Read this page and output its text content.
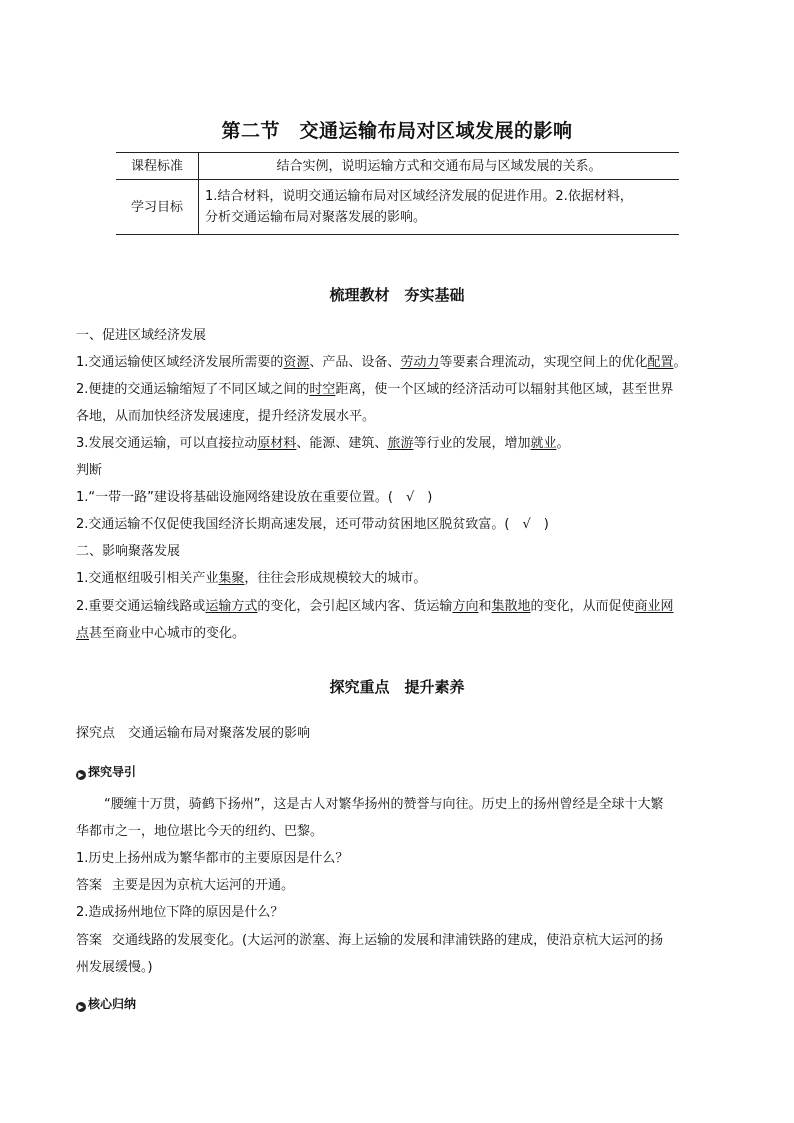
第二节　交通运输布局对区域发展的影响
课程标准	结合实例，说明运输方式和交通布局与区域发展的关系。
学习目标	1.结合材料，说明交通运输布局对区域经济发展的促进作用。2.依据材料，
分析交通运输布局对聚落发展的影响。
梳理教材　夯实基础
一、促进区域经济发展
1.交通运输使区域经济发展所需要的资源、产品、设备、劳动力等要素合理流动，实现空间上的优化配置。
2.便捷的交通运输缩短了不同区域之间的时空距离，使一个区域的经济活动可以辐射其他区域，甚至世界
各地，从而加快经济发展速度，提升经济发展水平。
3.发展交通运输，可以直接拉动原材料、能源、建筑、旅游等行业的发展，增加就业。
判断
1.“一带一路”建设将基础设施网络建设放在重要位置。(　√　)
2.交通运输不仅促使我国经济长期高速发展，还可带动贫困地区脱贫致富。(　√　)
二、影响聚落发展
1.交通枢纽吸引相关产业集聚，往往会形成规模较大的城市。
2.重要交通运输线路或运输方式的变化，会引起区域内客、货运输方向和集散地的变化，从而促使商业网
点甚至商业中心城市的变化。
探究重点　提升素养
探究点　交通运输布局对聚落发展的影响
▶ 探究导引
“腰缠十万贯，骑鹤下扬州”，这是古人对繁华扬州的赞誉与向往。历史上的扬州曾经是全球十大繁
华都市之一，地位堪比今天的纽约、巴黎。
1.历史上扬州成为繁华都市的主要原因是什么？
答案 主要是因为京杭大运河的开通。
2.造成扬州地位下降的原因是什么？
答案 交通线路的发展变化。(大运河的淤塞、海上运输的发展和津浦铁路的建成，使沿京杭大运河的扬
州发展缓慢。)
▶ 核心归纳
